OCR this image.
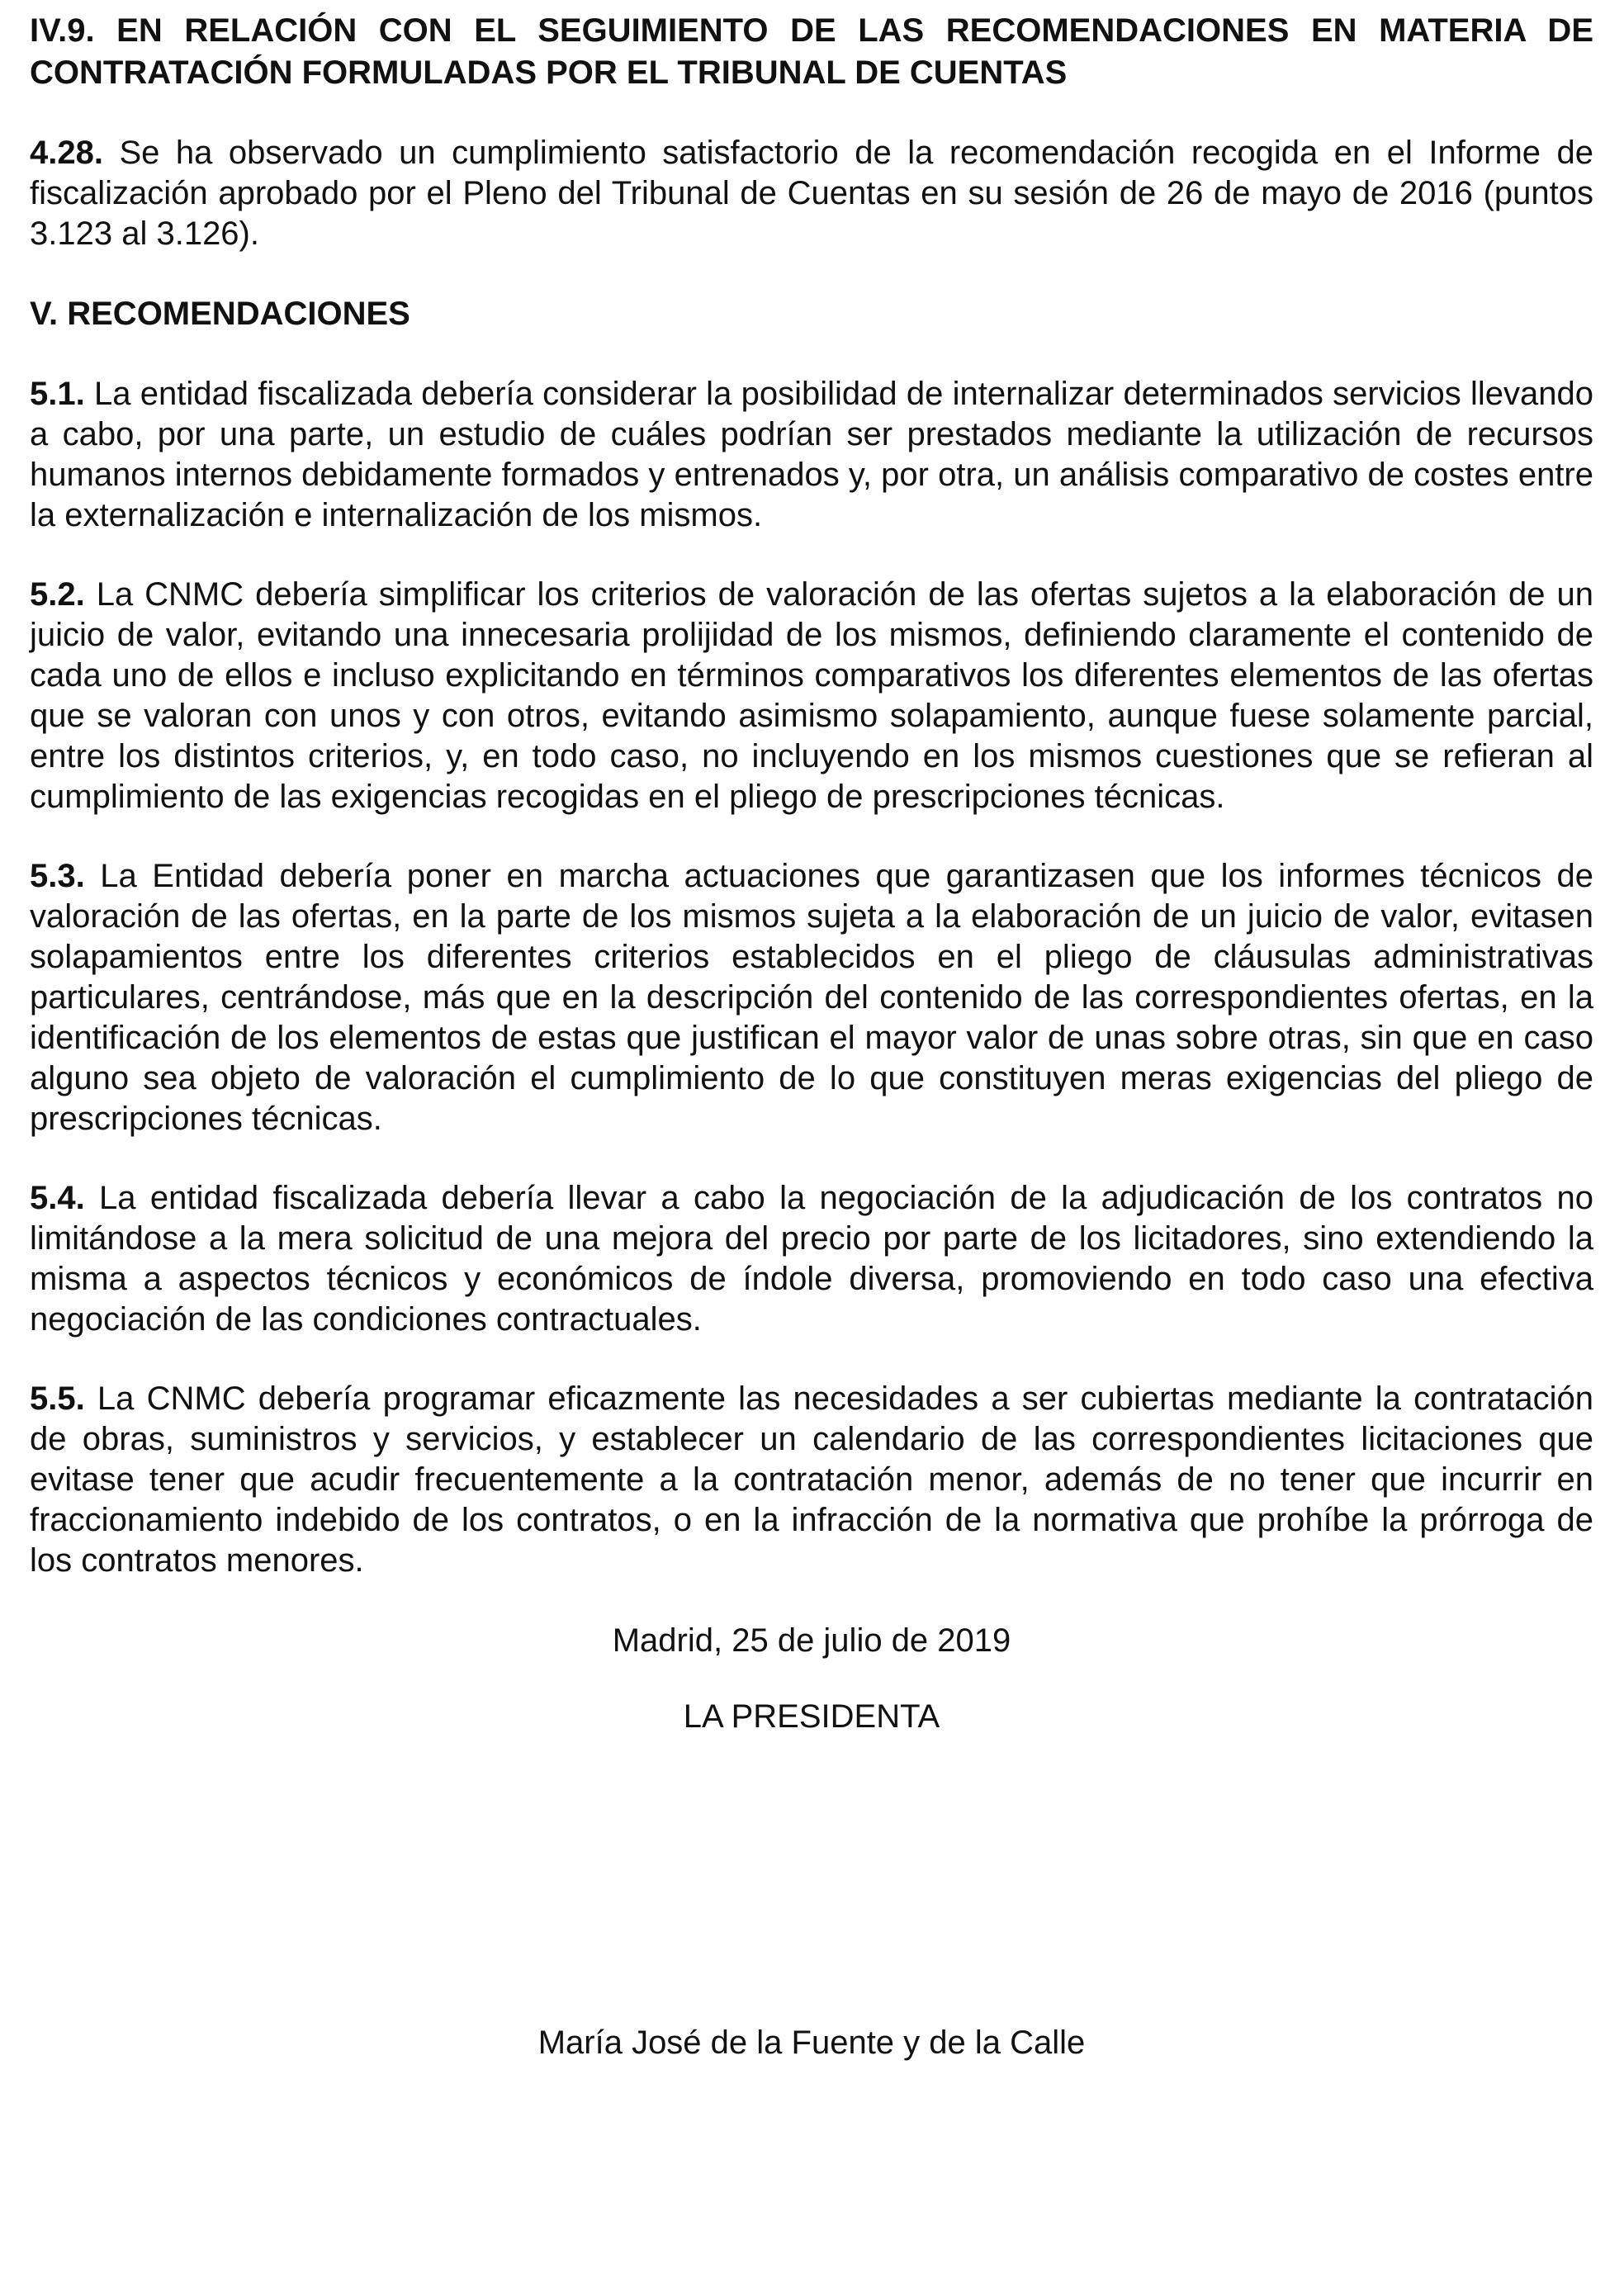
IV.9. EN RELACIÓN CON EL SEGUIMIENTO DE LAS RECOMENDACIONES EN MATERIA DE CONTRATACIÓN FORMULADAS POR EL TRIBUNAL DE CUENTAS

4.28. Se ha observado un cumplimiento satisfactorio de la recomendación recogida en el Informe de fiscalización aprobado por el Pleno del Tribunal de Cuentas en su sesión de 26 de mayo de 2016 (puntos 3.123 al 3.126).

V. RECOMENDACIONES

5.1. La entidad fiscalizada debería considerar la posibilidad de internalizar determinados servicios llevando a cabo, por una parte, un estudio de cuáles podrían ser prestados mediante la utilización de recursos humanos internos debidamente formados y entrenados y, por otra, un análisis comparativo de costes entre la externalización e internalización de los mismos.

5.2. La CNMC debería simplificar los criterios de valoración de las ofertas sujetos a la elaboración de un juicio de valor, evitando una innecesaria prolijidad de los mismos, definiendo claramente el contenido de cada uno de ellos e incluso explicitando en términos comparativos los diferentes elementos de las ofertas que se valoran con unos y con otros, evitando asimismo solapamiento, aunque fuese solamente parcial, entre los distintos criterios, y, en todo caso, no incluyendo en los mismos cuestiones que se refieran al cumplimiento de las exigencias recogidas en el pliego de prescripciones técnicas.

5.3. La Entidad debería poner en marcha actuaciones que garantizasen que los informes técnicos de valoración de las ofertas, en la parte de los mismos sujeta a la elaboración de un juicio de valor, evitasen solapamientos entre los diferentes criterios establecidos en el pliego de cláusulas administrativas particulares, centrándose, más que en la descripción del contenido de las correspondientes ofertas, en la identificación de los elementos de estas que justifican el mayor valor de unas sobre otras, sin que en caso alguno sea objeto de valoración el cumplimiento de lo que constituyen meras exigencias del pliego de prescripciones técnicas.

5.4. La entidad fiscalizada debería llevar a cabo la negociación de la adjudicación de los contratos no limitándose a la mera solicitud de una mejora del precio por parte de los licitadores, sino extendiendo la misma a aspectos técnicos y económicos de índole diversa, promoviendo en todo caso una efectiva negociación de las condiciones contractuales.

5.5. La CNMC debería programar eficazmente las necesidades a ser cubiertas mediante la contratación de obras, suministros y servicios, y establecer un calendario de las correspondientes licitaciones que evitase tener que acudir frecuentemente a la contratación menor, además de no tener que incurrir en fraccionamiento indebido de los contratos, o en la infracción de la normativa que prohíbe la prórroga de los contratos menores.

Madrid, 25 de julio de 2019

LA PRESIDENTA

María José de la Fuente y de la Calle
